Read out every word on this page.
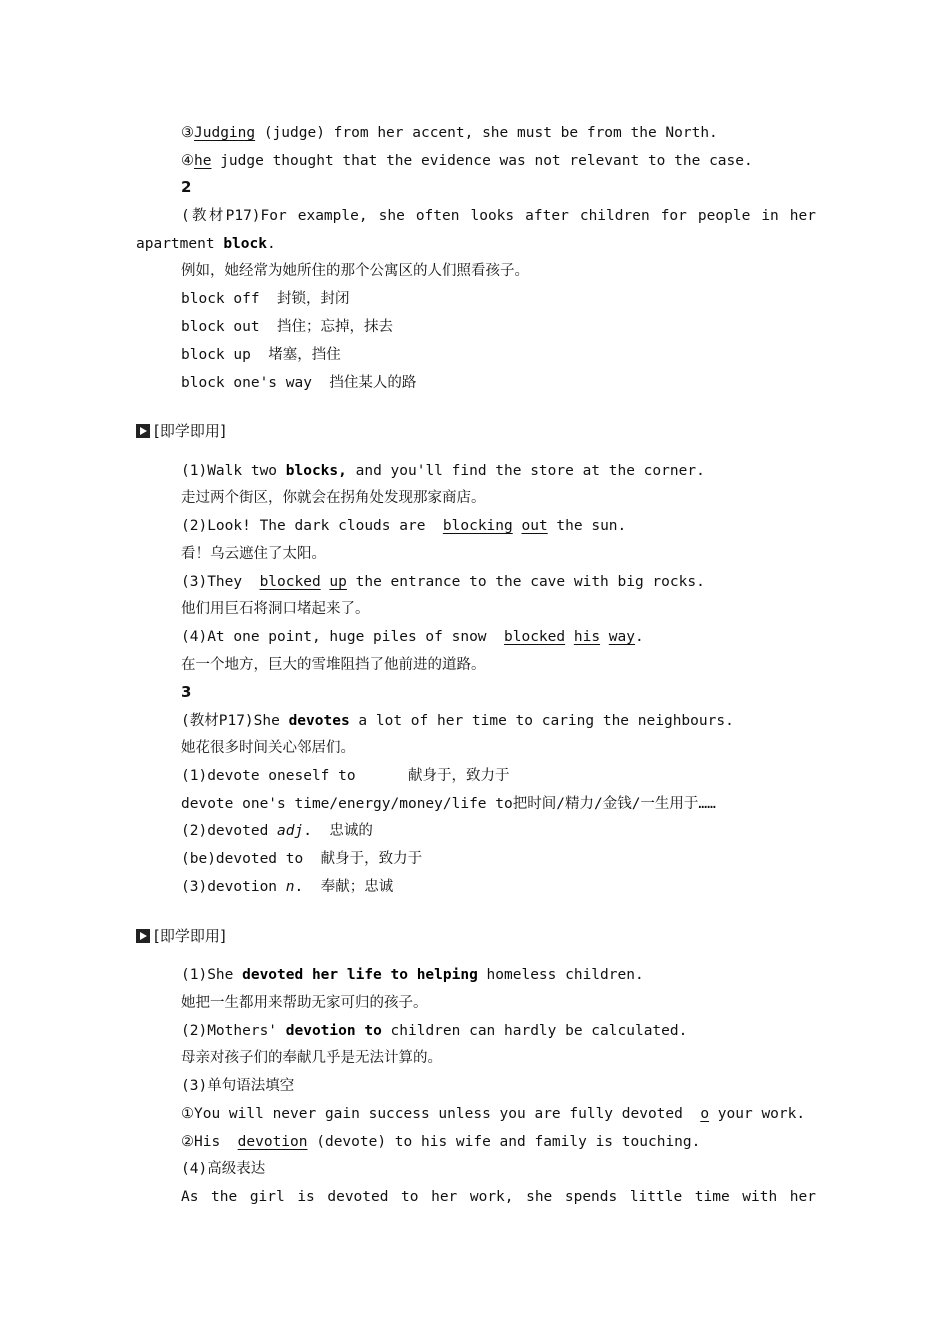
③Judging (judge) from her accent, she must be from the North.
④he judge thought that the evidence was not relevant to the case.
2
(教材P17)For example, she often looks after children for people in her
apartment block.
例如，她经常为她所住的那个公寓区的人们照看孩子。
block off  封锁，封闭
block out  挡住；忘掉，抹去
block up  堵塞，挡住
block one's way  挡住某人的路
[即学即用]
(1)Walk two blocks, and you'll find the store at the corner.
走过两个街区，你就会在拐角处发现那家商店。
(2)Look! The dark clouds are  blocking out the sun.
看！乌云遮住了太阳。
(3)They  blocked up the entrance to the cave with big rocks.
他们用巨石将洞口堵起来了。
(4)At one point, huge piles of snow  blocked his way.
在一个地方，巨大的雪堆阻挡了他前进的道路。
3
(教材P17)She devotes a lot of her time to caring the neighbours.
她花很多时间关心邻居们。
(1)devote oneself to      献身于，致力于
devote one's time/energy/money/life to把时间/精力/金钱/一生用于……
(2)devoted adj.  忠诚的
(be)devoted to  献身于，致力于
(3)devotion n.  奉献；忠诚
[即学即用]
(1)She devoted her life to helping homeless children.
她把一生都用来帮助无家可归的孩子。
(2)Mothers' devotion to children can hardly be calculated.
母亲对孩子们的奉献几乎是无法计算的。
(3)单句语法填空
①You will never gain success unless you are fully devoted  o your work.
②His  devotion (devote) to his wife and family is touching.
(4)高级表达
As the girl is devoted to her work, she spends little time with her
